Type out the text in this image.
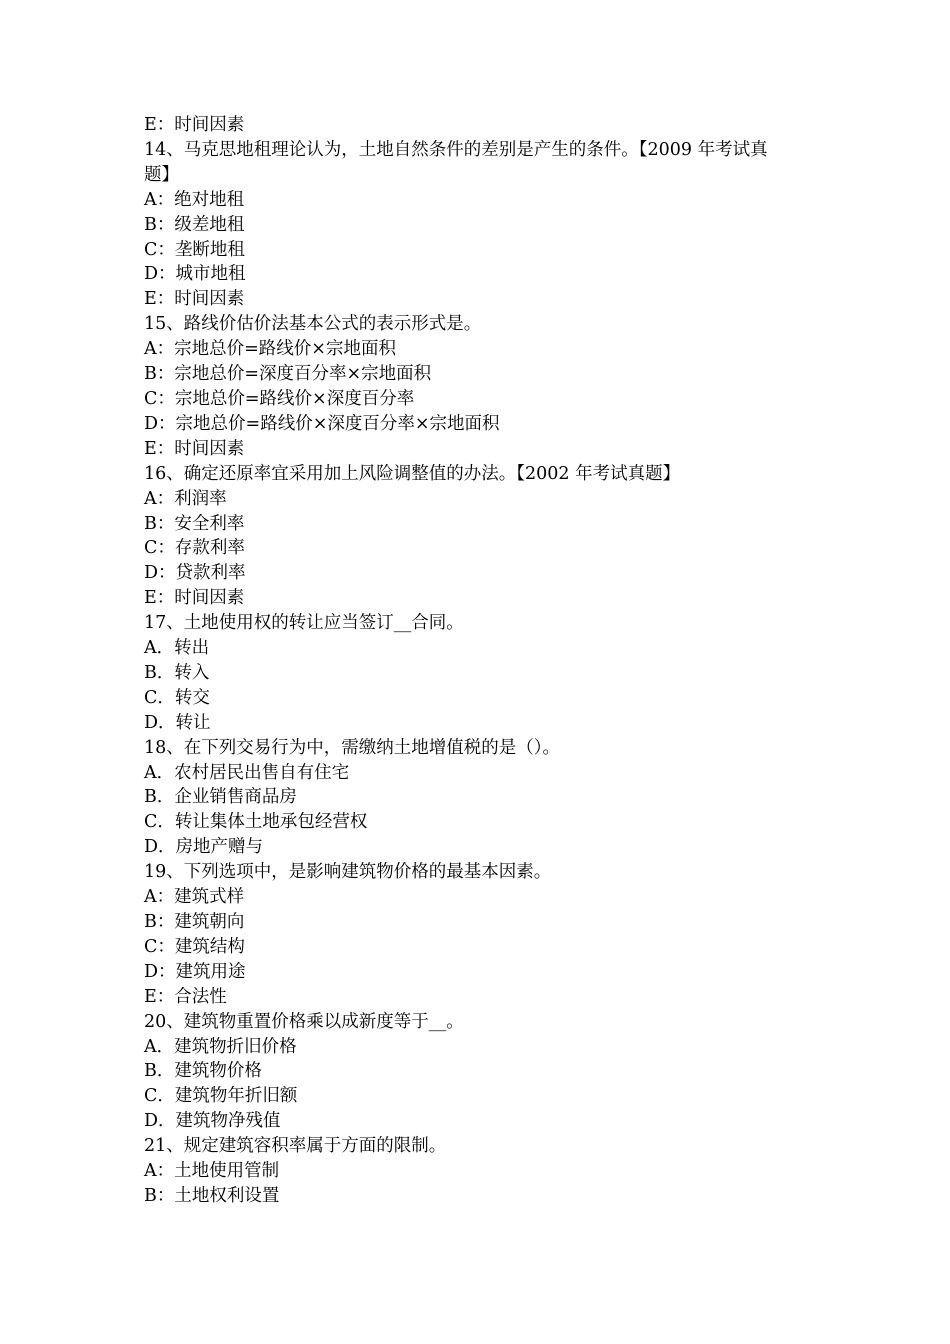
E：时间因素

14、马克思地租理论认为，土地自然条件的差别是产生的条件。【2009 年考试真

题】

A：绝对地租

B：级差地租

C：垄断地租

D：城市地租

E：时间因素

15、路线价估价法基本公式的表示形式是。

A：宗地总价=路线价×宗地面积

B：宗地总价=深度百分率×宗地面积

C：宗地总价=路线价×深度百分率

D：宗地总价=路线价×深度百分率×宗地面积

E：时间因素

16、确定还原率宜采用加上风险调整值的办法。【2002 年考试真题】

A：利润率

B：安全利率

C：存款利率

D：贷款利率

E：时间因素

17、土地使用权的转让应当签订__合同。

A．转出

B．转入

C．转交

D．转让

18、在下列交易行为中，需缴纳土地增值税的是（）。

A．农村居民出售自有住宅

B．企业销售商品房

C．转让集体土地承包经营权

D．房地产赠与

19、下列选项中，是影响建筑物价格的最基本因素。

A：建筑式样

B：建筑朝向

C：建筑结构

D：建筑用途

E：合法性

20、建筑物重置价格乘以成新度等于__。

A．建筑物折旧价格

B．建筑物价格

C．建筑物年折旧额

D．建筑物净残值

21、规定建筑容积率属于方面的限制。

A：土地使用管制

B：土地权利设置
